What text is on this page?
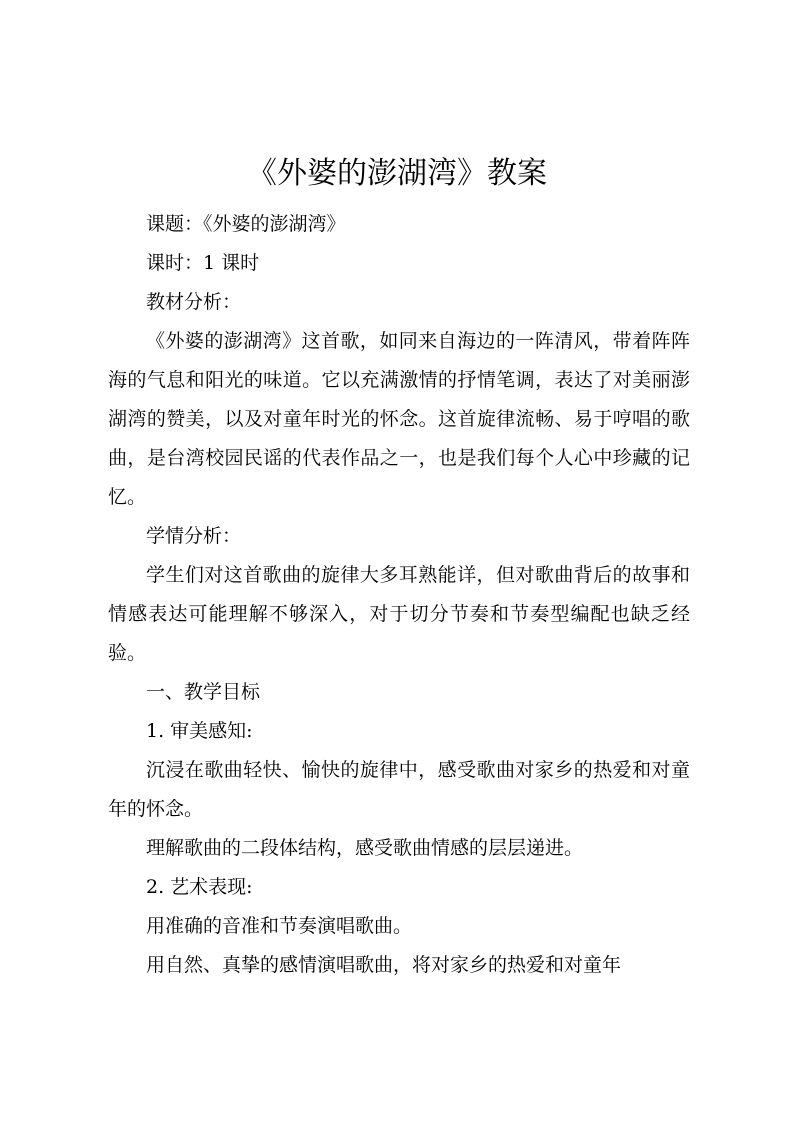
《外婆的澎湖湾》教案

课题：《外婆的澎湖湾》

课时：1 课时

教材分析：

《外婆的澎湖湾》这首歌，如同来自海边的一阵清风，带着阵阵海的气息和阳光的味道。它以充满激情的抒情笔调，表达了对美丽澎湖湾的赞美，以及对童年时光的怀念。这首旋律流畅、易于哼唱的歌曲，是台湾校园民谣的代表作品之一，也是我们每个人心中珍藏的记忆。

学情分析：

学生们对这首歌曲的旋律大多耳熟能详，但对歌曲背后的故事和情感表达可能理解不够深入，对于切分节奏和节奏型编配也缺乏经验。

一、教学目标

1. 审美感知:

沉浸在歌曲轻快、愉快的旋律中，感受歌曲对家乡的热爱和对童年的怀念。

理解歌曲的二段体结构，感受歌曲情感的层层递进。

2. 艺术表现:

用准确的音准和节奏演唱歌曲。

用自然、真挚的感情演唱歌曲，将对家乡的热爱和对童年
